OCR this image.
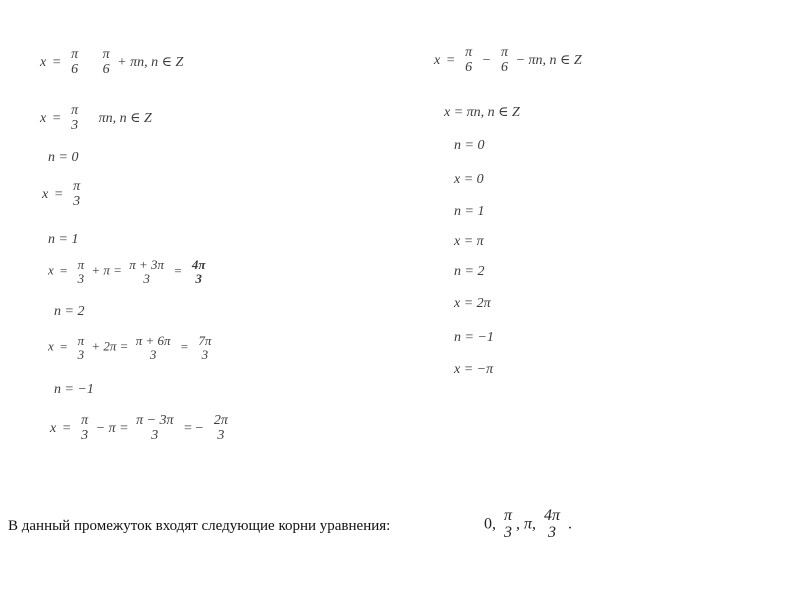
x =
π
6

π
6 + πn, n ∈ Z
x =
π
3 πn, n ∈ Z
n = 0
x =
π
3
n = 1
x = π
3
+ π = π + 3π
3
= 4π
3
n = 2
x = π
3
+ 2π = π + 6π
3
= 7π
3
n = −1
x =
π
3 − π =
π − 3π
3 = −
2π
3
x =
π
6 −
π
6 − πn, n ∈ Z
x = πn, n ∈ Z
n = 0
x = 0
n = 1
x = π
n = 2
x = 2π
n = −1
x = −π
В данный промежуток входят следующие корни уравнения:	0, π
3 , π, 4π
3 .
